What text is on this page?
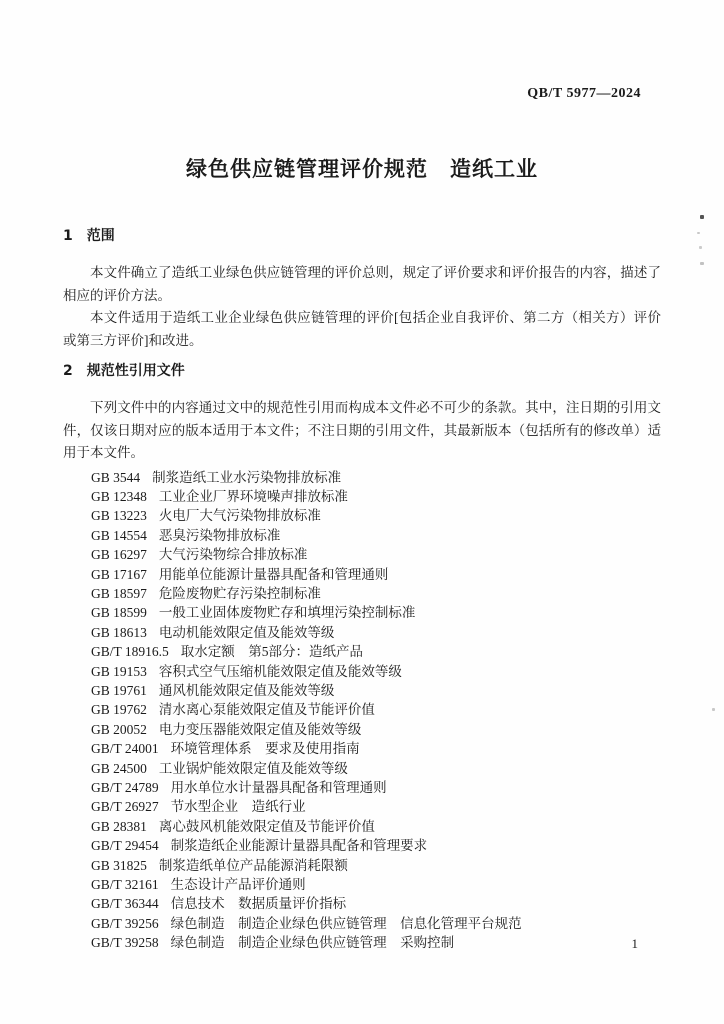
QB/T 5977—2024
绿色供应链管理评价规范　造纸工业
1 范围

本文件确立了造纸工业绿色供应链管理的评价总则，规定了评价要求和评价报告的内容，描述了相应的评价方法。

本文件适用于造纸工业企业绿色供应链管理的评价[包括企业自我评价、第二方（相关方）评价或第三方评价]和改进。

2 规范性引用文件

下列文件中的内容通过文中的规范性引用而构成本文件必不可少的条款。其中，注日期的引用文件，仅该日期对应的版本适用于本文件；不注日期的引用文件，其最新版本（包括所有的修改单）适用于本文件。

GB 3544 制浆造纸工业水污染物排放标准
GB 12348 工业企业厂界环境噪声排放标准
GB 13223 火电厂大气污染物排放标准
GB 14554 恶臭污染物排放标准
GB 16297 大气污染物综合排放标准
GB 17167 用能单位能源计量器具配备和管理通则
GB 18597 危险废物贮存污染控制标准
GB 18599 一般工业固体废物贮存和填埋污染控制标准
GB 18613 电动机能效限定值及能效等级
GB/T 18916.5 取水定额　第5部分：造纸产品
GB 19153 容积式空气压缩机能效限定值及能效等级
GB 19761 通风机能效限定值及能效等级
GB 19762 清水离心泵能效限定值及节能评价值
GB 20052 电力变压器能效限定值及能效等级
GB/T 24001 环境管理体系　要求及使用指南
GB 24500 工业锅炉能效限定值及能效等级
GB/T 24789 用水单位水计量器具配备和管理通则
GB/T 26927 节水型企业　造纸行业
GB 28381 离心鼓风机能效限定值及节能评价值
GB/T 29454 制浆造纸企业能源计量器具配备和管理要求
GB 31825 制浆造纸单位产品能源消耗限额
GB/T 32161 生态设计产品评价通则
GB/T 36344 信息技术　数据质量评价指标
GB/T 39256 绿色制造　制造企业绿色供应链管理　信息化管理平台规范
GB/T 39258 绿色制造　制造企业绿色供应链管理　采购控制	1
